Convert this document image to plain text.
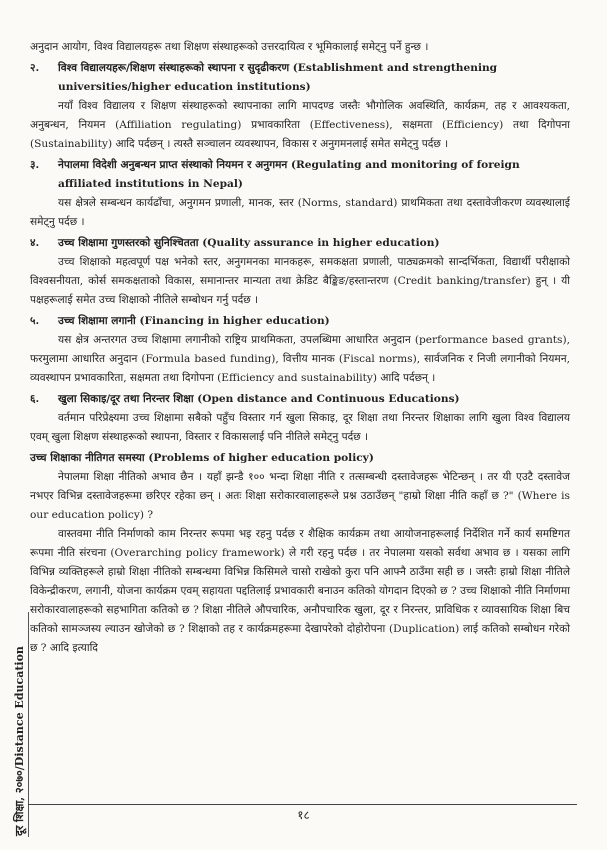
अनुदान आयोग, विश्व विद्यालयहरू तथा शिक्षण संस्थाहरूको उत्तरदायित्व र भूमिकालाई समेट्नु पर्ने हुन्छ ।

२.	विश्व विद्यालयहरू/शिक्षण संस्थाहरूको स्थापना र सुदृढीकरण (Establishment and strengthening universities/higher education institutions)

नयाँ विश्व विद्यालय र शिक्षण संस्थाहरूको स्थापनाका लागि मापदण्ड जस्तैः भौगोलिक अवस्थिति, कार्यक्रम, तह र आवश्यकता, अनुबन्धन, नियमन (Affiliation regulating) प्रभावकारिता (Effectiveness), सक्षमता (Efficiency) तथा दिगोपना (Sustainability) आदि पर्दछन् । त्यस्तै सञ्चालन व्यवस्थापन, विकास र अनुगमनलाई समेत समेट्नु पर्दछ ।

३.	नेपालमा विदेशी अनुबन्धन प्राप्त संस्थाको नियमन र अनुगमन (Regulating and monitoring of foreign affiliated institutions in Nepal)

यस क्षेत्रले सम्बन्धन कार्यढाँचा, अनुगमन प्रणाली, मानक, स्तर (Norms, standard) प्राथमिकता तथा दस्तावेजीकरण व्यवस्थालाई समेट्नु पर्दछ ।

४.	उच्च शिक्षामा गुणस्तरको सुनिश्चितता (Quality assurance in higher education)

उच्च शिक्षाको महत्वपूर्ण पक्ष भनेको स्तर, अनुगमनका मानकहरू, समकक्षता प्रणाली, पाठ्यक्रमको सान्दर्भिकता, विद्यार्थी परीक्षाको विश्वसनीयता, कोर्स समकक्षताको विकास, समानान्तर मान्यता तथा क्रेडिट बैङ्किङ/हस्तान्तरण (Credit banking/transfer) हुन् । यी पक्षहरूलाई समेत उच्च शिक्षाको नीतिले सम्बोधन गर्नु पर्दछ ।

५.	उच्च शिक्षामा लगानी (Financing in higher education)

यस क्षेत्र अन्तरगत उच्च शिक्षामा लगानीको राष्ट्रिय प्राथमिकता, उपलब्धिमा आधारित अनुदान (performance based grants), फरमुलामा आधारित अनुदान (Formula based funding), वित्तीय मानक (Fiscal norms), सार्वजनिक र निजी लगानीको नियमन, व्यवस्थापन प्रभावकारिता, सक्षमता तथा दिगोपना (Efficiency and sustainability) आदि पर्दछन् ।

६.	खुला सिकाइ/दूर तथा निरन्तर शिक्षा (Open distance and Continuous Educations)

वर्तमान परिप्रेक्ष्यमा उच्च शिक्षामा सबैको पहुँच विस्तार गर्न खुला सिकाइ, दूर शिक्षा तथा निरन्तर शिक्षाका लागि खुला विश्व विद्यालय एवम् खुला शिक्षण संस्थाहरूको स्थापना, विस्तार र विकासलाई पनि नीतिले समेट्नु पर्दछ ।

उच्च शिक्षाका नीतिगत समस्या (Problems of higher education policy)

नेपालमा शिक्षा नीतिको अभाव छैन । यहाँ झन्डै १०० भन्दा शिक्षा नीति र तत्सम्बन्धी दस्तावेजहरू भेटिन्छन् । तर यी एउटै दस्तावेज नभएर विभिन्न दस्तावेजहरूमा छरिएर रहेका छन् । अतः शिक्षा सरोकारवालाहरूले प्रश्न उठाउँछन् "हाम्रो शिक्षा नीति कहाँ छ ?" (Where is our education policy) ?

वास्तवमा नीति निर्माणको काम निरन्तर रूपमा भइ रहनु पर्दछ र शैक्षिक कार्यक्रम तथा आयोजनाहरूलाई निर्देशित गर्ने कार्य समष्टिगत रूपमा नीति संरचना (Overarching policy framework) ले गरी रहनु पर्दछ । तर नेपालमा यसको सर्वथा अभाव छ । यसका लागि विभिन्न व्यक्तिहरूले हाम्रो शिक्षा नीतिको सम्बन्धमा विभिन्न किसिमले चासो राखेको कुरा पनि आफ्नै ठाउँमा सही छ । जस्तैः हाम्रो शिक्षा नीतिले विकेन्द्रीकरण, लगानी, योजना कार्यक्रम एवम् सहायता पद्दतिलाई प्रभावकारी बनाउन कतिको योगदान दिएको छ ? उच्च शिक्षाको नीति निर्माणमा सरोकारवालाहरूको सहभागिता कतिको छ ? शिक्षा नीतिले औपचारिक, अनौपचारिक खुला, दूर र निरन्तर, प्राविधिक र व्यावसायिक शिक्षा बिच कतिको सामञ्जस्य ल्याउन खोजेको छ ? शिक्षाको तह र कार्यक्रमहरूमा देखापरेको दोहोरोपना (Duplication) लाई कतिको सम्बोधन गरेको छ ? आदि इत्यादि

दूर शिक्षा, २०७०/Distance Education	१८
